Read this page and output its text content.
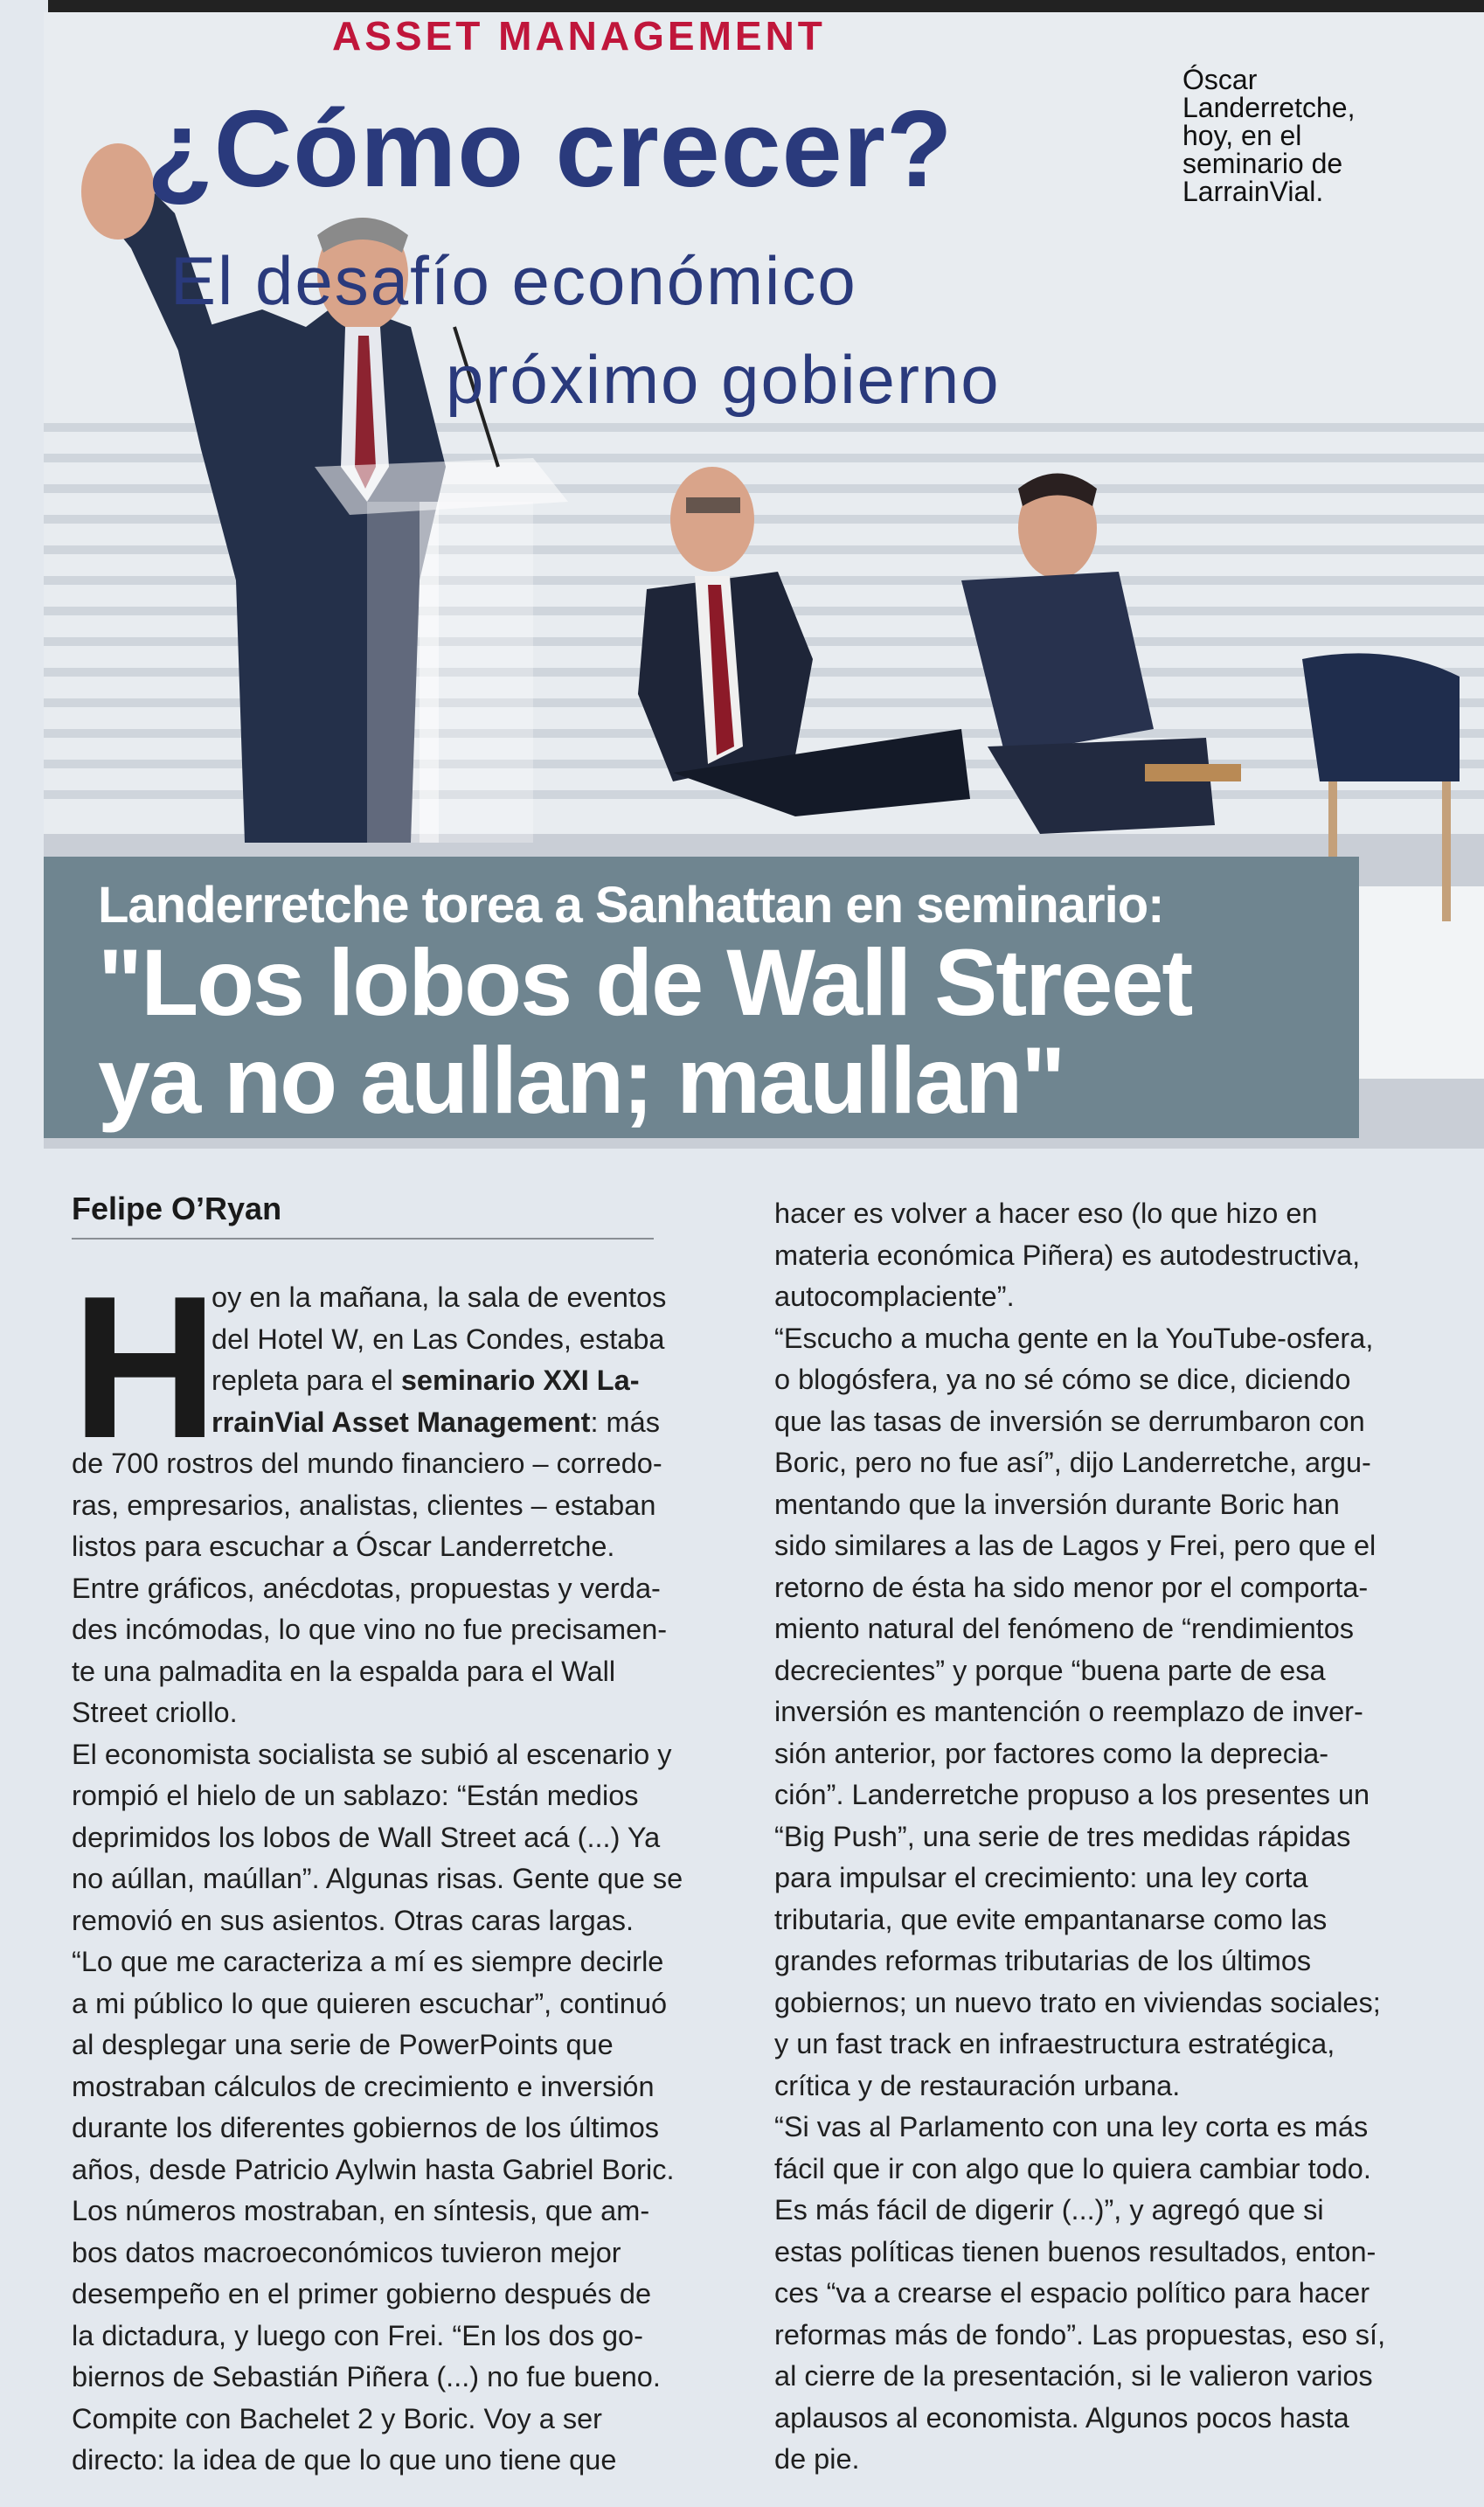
ASSET MANAGEMENT
¿Cómo crecer?
El desafío económico
próximo gobierno
Óscar Landerretche, hoy, en el seminario de LarrainVial.
Landerretche torea a Sanhattan en seminario:
"Los lobos de Wall Street
ya no aullan; maullan"
Felipe O’Ryan
H

oy en la mañana, la sala de eventos

del Hotel W, en Las Condes, estaba

repleta para el seminario XXI La-

rrainVial Asset Management: más

de 700 rostros del mundo financiero – corredo-

ras, empresarios, analistas, clientes – estaban

listos para escuchar a Óscar Landerretche.

Entre gráficos, anécdotas, propuestas y verda-

des incómodas, lo que vino no fue precisamen-

te una palmadita en la espalda para el Wall

Street criollo.

El economista socialista se subió al escenario y

rompió el hielo de un sablazo: “Están medios

deprimidos los lobos de Wall Street acá (...) Ya

no aúllan, maúllan”. Algunas risas. Gente que se

removió en sus asientos. Otras caras largas.

“Lo que me caracteriza a mí es siempre decirle

a mi público lo que quieren escuchar”, continuó

al desplegar una serie de PowerPoints que

mostraban cálculos de crecimiento e inversión

durante los diferentes gobiernos de los últimos

años, desde Patricio Aylwin hasta Gabriel Boric.

Los números mostraban, en síntesis, que am-

bos datos macroeconómicos tuvieron mejor

desempeño en el primer gobierno después de

la dictadura, y luego con Frei. “En los dos go-

biernos de Sebastián Piñera (...) no fue bueno.

Compite con Bachelet 2 y Boric. Voy a ser

directo: la idea de que lo que uno tiene que

hacer es volver a hacer eso (lo que hizo en

materia económica Piñera) es autodestructiva,

autocomplaciente”.

“Escucho a mucha gente en la YouTube-osfera,

o blogósfera, ya no sé cómo se dice, diciendo

que las tasas de inversión se derrumbaron con

Boric, pero no fue así”, dijo Landerretche, argu-

mentando que la inversión durante Boric han

sido similares a las de Lagos y Frei, pero que el

retorno de ésta ha sido menor por el comporta-

miento natural del fenómeno de “rendimientos

decrecientes” y porque “buena parte de esa

inversión es mantención o reemplazo de inver-

sión anterior, por factores como la deprecia-

ción”. Landerretche propuso a los presentes un

“Big Push”, una serie de tres medidas rápidas

para impulsar el crecimiento: una ley corta

tributaria, que evite empantanarse como las

grandes reformas tributarias de los últimos

gobiernos; un nuevo trato en viviendas sociales;

y un fast track en infraestructura estratégica,

crítica y de restauración urbana.

“Si vas al Parlamento con una ley corta es más

fácil que ir con algo que lo quiera cambiar todo.

Es más fácil de digerir (...)”, y agregó que si

estas políticas tienen buenos resultados, enton-

ces “va a crearse el espacio político para hacer

reformas más de fondo”. Las propuestas, eso sí,

al cierre de la presentación, si le valieron varios

aplausos al economista. Algunos pocos hasta

de pie.
